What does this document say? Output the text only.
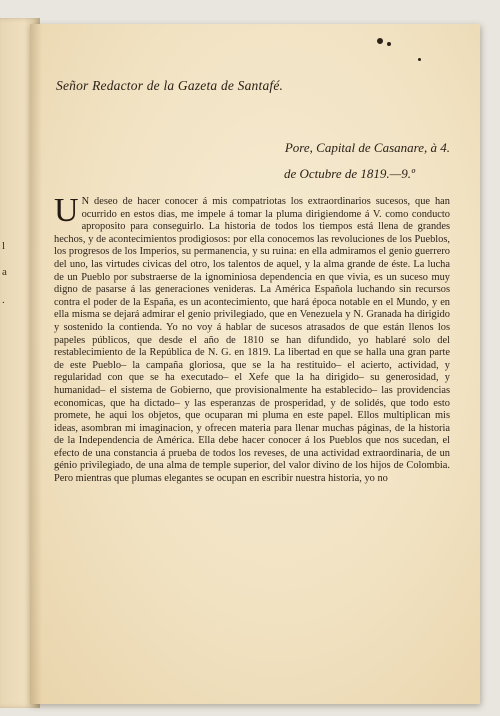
l
a
.
Señor Redactor de la Gazeta de Santafé.
Pore, Capital de Casanare, à 4.
de Octubre de 1819.—9.º
U N deseo de hacer conocer á mis compatriotas los extraordinarios sucesos, que han ocurrido en estos dias, me impele á tomar la pluma dirigiendome á V. como conducto aproposito para conseguirlo. La historia de todos los tiempos está llena de grandes hechos, y de acontecimientos prodigiosos: por ella conocemos las revoluciones de los Pueblos, los progresos de los Imperios, su permanencia, y su ruina: en ella admiramos el genio guerrero del uno, las virtudes civicas del otro, los talentos de aquel, y la alma grande de éste. La lucha de un Pueblo por substraerse de la ignominiosa dependencia en que vivia, es un suceso muy digno de pasarse á las generaciones venideras. La América Española luchando sin recursos contra el poder de la España, es un acontecimiento, que hará época notable en el Mundo, y en ella misma se dejará admirar el genio privilegiado, que en Venezuela y N. Granada ha dirigido y sostenido la contienda. Yo no voy á hablar de sucesos atrasados de que están llenos los papeles públicos, que desde el año de 1810 se han difundido, yo hablaré solo del restablecimiento de la República de N. G. en 1819. La libertad en que se halla una gran parte de este Pueblo– la campaña gloriosa, que se la ha restituido– el acierto, actividad, y regularidad con que se ha executado– el Xefe que la ha dirigido– su generosidad, y humanidad– el sistema de Gobierno, que provisionalmente ha establecido– las providencias economicas, que ha dictado– y las esperanzas de prosperidad, y de solidés, que todo esto promete, he aqui los objetos, que ocuparan mi pluma en este papel. Ellos multiplican mis ideas, asombran mi imaginacion, y ofrecen materia para llenar muchas páginas, de la historia de la Independencia de América. Ella debe hacer conocer á los Pueblos que nos sucedan, el efecto de una constancia á prueba de todos los reveses, de una actividad extraordinaria, de un génio privilegiado, de una alma de temple superior, del valor divino de los hijos de Colombia. Pero mientras que plumas elegantes se ocupan en escribir nuestra historia, yo no
